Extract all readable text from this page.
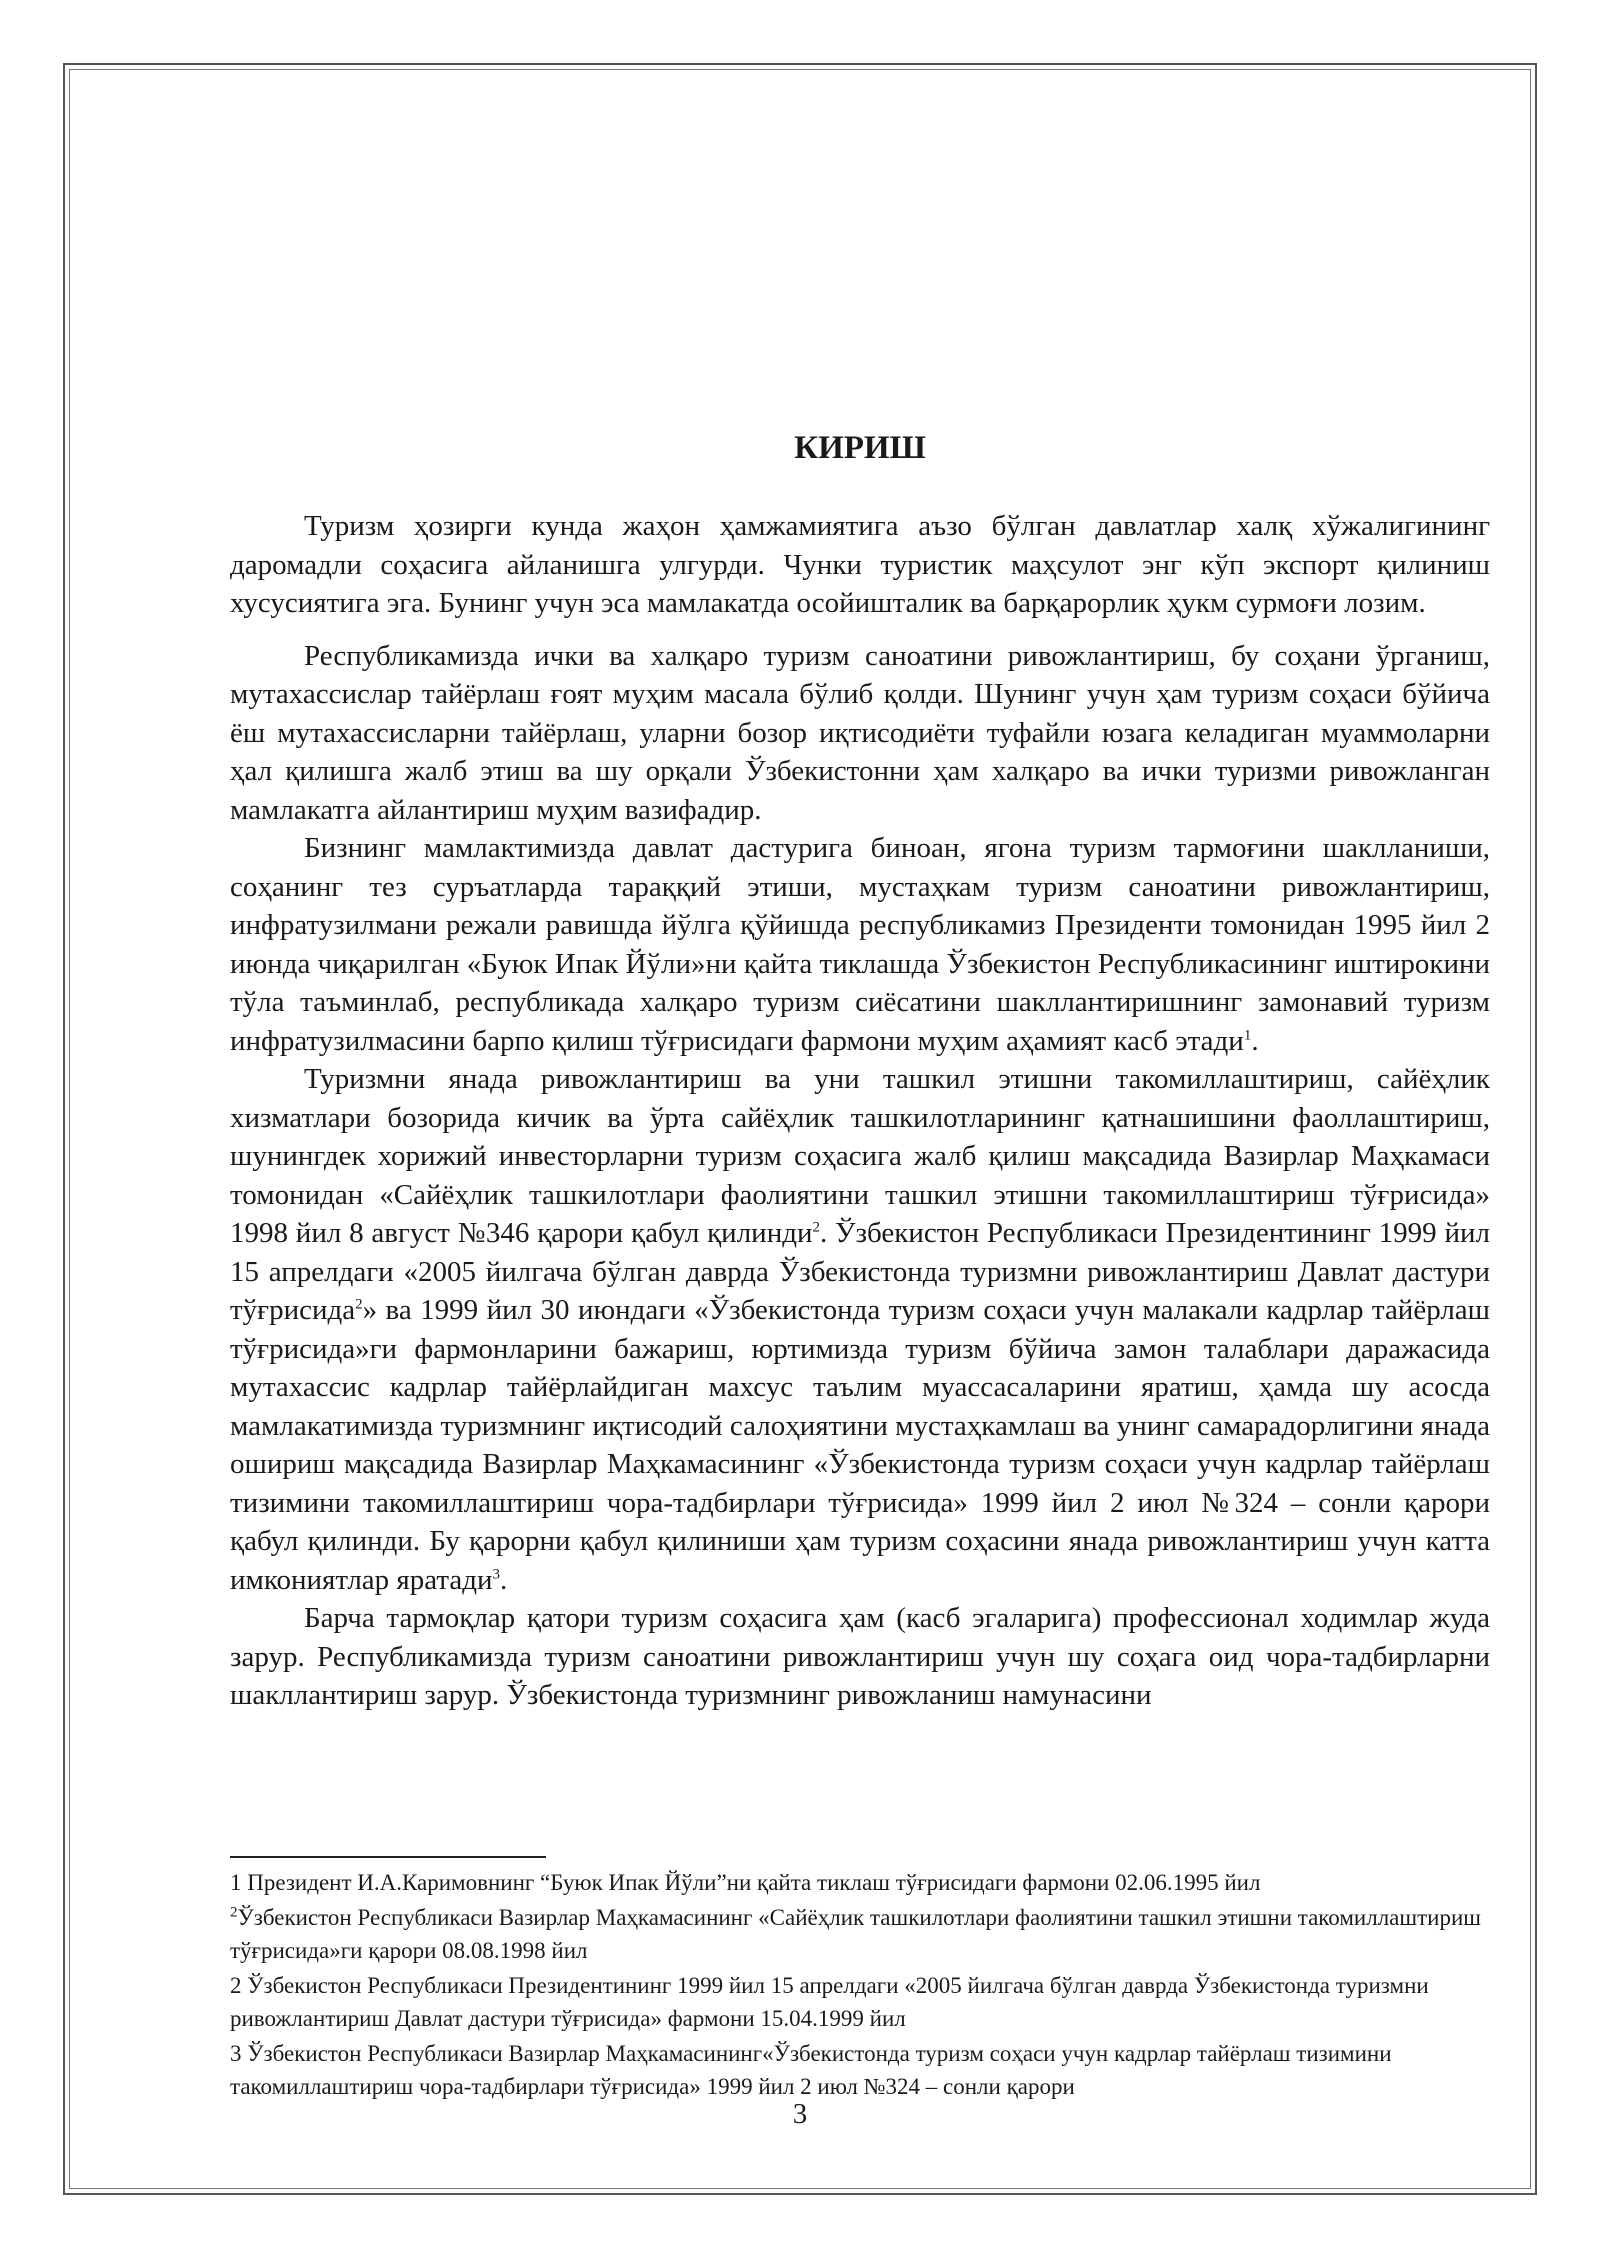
КИРИШ

Туризм ҳозирги кунда жаҳон ҳамжамиятига аъзо бўлган давлатлар халқ хўжалигининг даромадли соҳасига айланишга улгурди. Чунки туристик маҳсулот энг кўп экспорт қилиниш хусусиятига эга. Бунинг учун эса мамлакатда осойишталик ва барқарорлик ҳукм сурмоғи лозим.

Республикамизда ички ва халқаро туризм саноатини ривожлантириш, бу соҳани ўрганиш, мутахассислар тайёрлаш ғоят муҳим масала бўлиб қолди. Шунинг учун ҳам туризм соҳаси бўйича ёш мутахассисларни тайёрлаш, уларни бозор иқтисодиёти туфайли юзага келадиган муаммоларни ҳал қилишга жалб этиш ва шу орқали Ўзбекистонни ҳам халқаро ва ички туризми ривожланган мамлакатга айлантириш муҳим вазифадир.

Бизнинг мамлактимизда давлат дастурига биноан, ягона туризм тармоғини шаклланиши, соҳанинг тез суръатларда тараққий этиши, мустаҳкам туризм саноатини ривожлантириш, инфратузилмани режали равишда йўлга қўйишда республикамиз Президенти томонидан 1995 йил 2 июнда чиқарилган «Буюк Ипак Йўли»ни қайта тиклашда Ўзбекистон Республикасининг иштирокини тўла таъминлаб, республикада халқаро туризм сиёсатини шакллантиришнинг замонавий туризм инфратузилмасини барпо қилиш тўғрисидаги фармони муҳим аҳамият касб этади$^1$.

Туризмни янада ривожлантириш ва уни ташкил этишни такомиллаштириш, сайёҳлик хизматлари бозорида кичик ва ўрта сайёҳлик ташкилотларининг қатнашишини фаоллаштириш, шунингдек хорижий инвесторларни туризм соҳасига жалб қилиш мақсадида Вазирлар Маҳкамаси томонидан «Сайёҳлик ташкилотлари фаолиятини ташкил этишни такомиллаштириш тўғрисида» 1998 йил 8 август №346 қарори қабул қилинди$^2$. Ўзбекистон Республикаси Президентининг 1999 йил 15 апрелдаги «2005 йилгача бўлган даврда Ўзбекистонда туризмни ривожлантириш Давлат дастури тўғрисида$^2$» ва 1999 йил 30 июндаги «Ўзбекистонда туризм соҳаси учун малакали кадрлар тайёрлаш тўғрисида»ги фармонларини бажариш, юртимизда туризм бўйича замон талаблари даражасида мутахассис кадрлар тайёрлайдиган махсус таълим муассасаларини яратиш, ҳамда шу асосда мамлакатимизда туризмнинг иқтисодий салоҳиятини мустаҳкамлаш ва унинг самарадорлигини янада ошириш мақсадида Вазирлар Маҳкамасининг «Ўзбекистонда туризм соҳаси учун кадрлар тайёрлаш тизимини такомиллаштириш чора-тадбирлари тўғрисида» 1999 йил 2 июл №324 – сонли қарори қабул қилинди. Бу қарорни қабул қилиниши ҳам туризм соҳасини янада ривожлантириш учун катта имкониятлар яратади$^3$.

Барча тармоқлар қатори туризм соҳасига ҳам (касб эгаларига) профессионал ходимлар жуда зарур. Республикамизда туризм саноатини ривожлантириш учун шу соҳага оид чора-тадбирларни шакллантириш зарур. Ўзбекистонда туризмнинг ривожланиш намунасини

1 Президент И.А.Каримовнинг “Буюк Ипак Йўли”ни қайта тиклаш тўғрисидаги фармони 02.06.1995 йил

$^2$Ўзбекистон Республикаси Вазирлар Маҳкамасининг «Сайёҳлик ташкилотлари фаолиятини ташкил этишни такомиллаштириш тўғрисида»ги қарори 08.08.1998 йил

2 Ўзбекистон Республикаси Президентининг 1999 йил 15 апрелдаги «2005 йилгача бўлган даврда Ўзбекистонда туризмни ривожлантириш Давлат дастури тўғрисида» фармони 15.04.1999 йил

3 Ўзбекистон Республикаси Вазирлар Маҳкамасининг«Ўзбекистонда туризм соҳаси учун кадрлар тайёрлаш тизимини такомиллаштириш чора-тадбирлари тўғрисида» 1999 йил 2 июл №324 – сонли қарори

3
